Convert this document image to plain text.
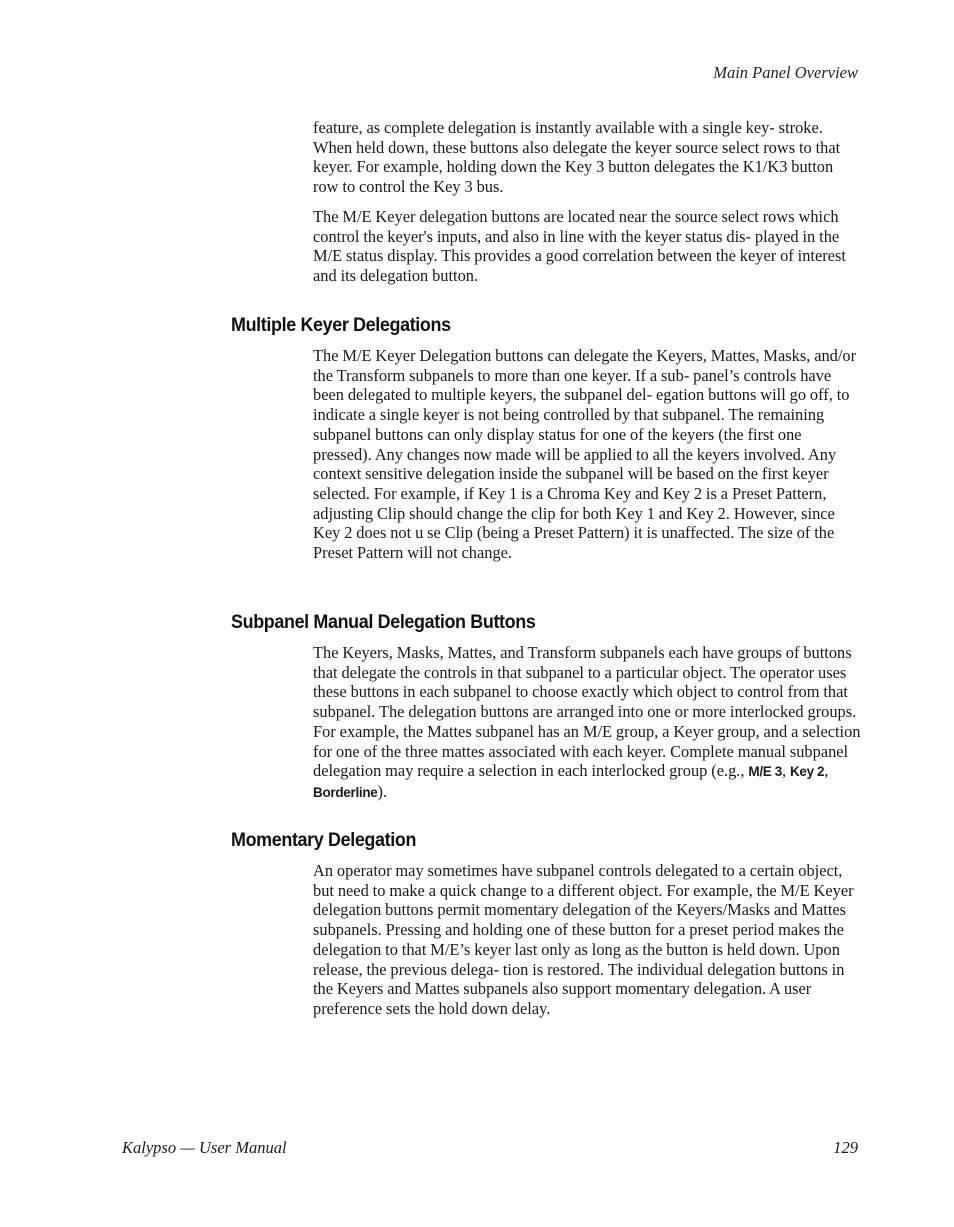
Main Panel Overview

feature, as complete delegation is instantly available with a single key- stroke. When held down, these buttons also delegate the keyer source select rows to that keyer. For example, holding down the Key 3 button delegates the K1/K3 button row to control the Key 3 bus.

The M/E Keyer delegation buttons are located near the source select rows which control the keyer's inputs, and also in line with the keyer status dis- played in the M/E status display. This provides a good correlation between the keyer of interest and its delegation button.

Multiple Keyer Delegations

The M/E Keyer Delegation buttons can delegate the Keyers, Mattes, Masks, and/or the Transform subpanels to more than one keyer. If a sub- panel’s controls have been delegated to multiple keyers, the subpanel del- egation buttons will go off, to indicate a single keyer is not being controlled by that subpanel. The remaining subpanel buttons can only display status for one of the keyers (the first one pressed). Any changes now made will be applied to all the keyers involved. Any context sensitive delegation inside the subpanel will be based on the first keyer selected. For example, if Key 1 is a Chroma Key and Key 2 is a Preset Pattern, adjusting Clip should change the clip for both Key 1 and Key 2. However, since Key 2 does not u se Clip (being a Preset Pattern) it is unaffected. The size of the Preset Pattern will not change.

Subpanel Manual Delegation Buttons

The Keyers, Masks, Mattes, and Transform subpanels each have groups of buttons that delegate the controls in that subpanel to a particular object. The operator uses these buttons in each subpanel to choose exactly which object to control from that subpanel. The delegation buttons are arranged into one or more interlocked groups. For example, the Mattes subpanel has an M/E group, a Keyer group, and a selection for one of the three mattes associated with each keyer. Complete manual subpanel delegation may require a selection in each interlocked group (e.g., M/E 3, Key 2, Borderline).

Momentary Delegation

An operator may sometimes have subpanel controls delegated to a certain object, but need to make a quick change to a different object. For example, the M/E Keyer delegation buttons permit momentary delegation of the Keyers/Masks and Mattes subpanels. Pressing and holding one of these button for a preset period makes the delegation to that M/E’s keyer last only as long as the button is held down. Upon release, the previous delega- tion is restored. The individual delegation buttons in the Keyers and Mattes subpanels also support momentary delegation. A user preference sets the hold down delay.

Kalypso — User Manual	129
